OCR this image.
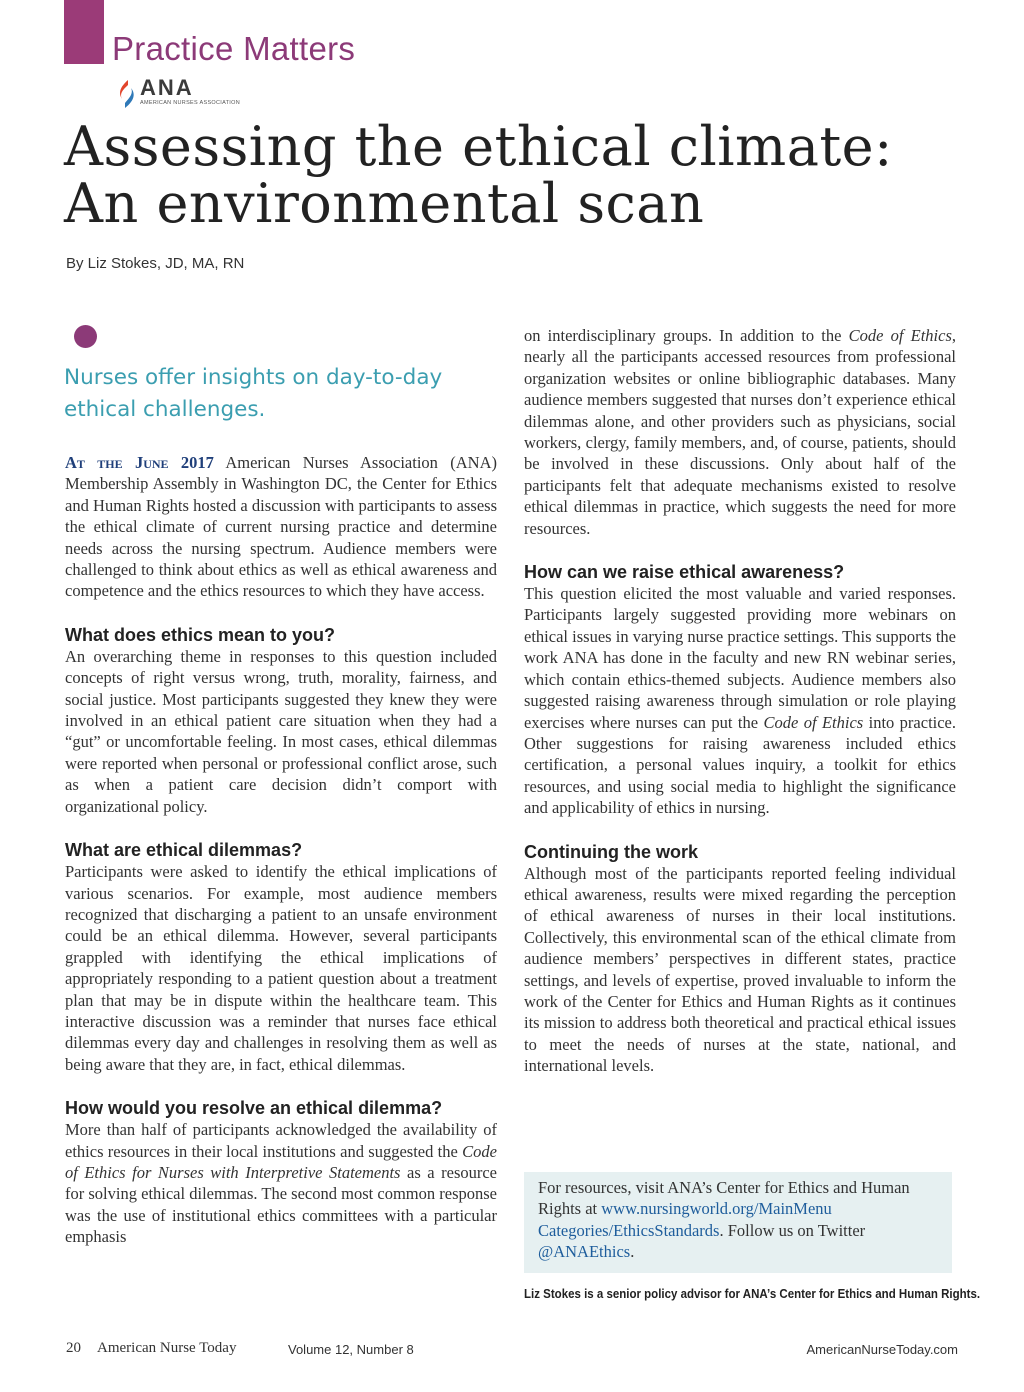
Practice Matters
ANA
AMERICAN NURSES ASSOCIATION
Assessing the ethical climate:
An environmental scan
By Liz Stokes, JD, MA, RN
Nurses offer insights on day-to-day ethical challenges.

At the June 2017 American Nurses Association (ANA) Membership Assembly in Washington DC, the Center for Ethics and Human Rights hosted a discussion with participants to assess the ethical climate of current nursing practice and determine needs across the nursing spectrum. Audience members were challenged to think about ethics as well as ethical awareness and competence and the ethics resources to which they have access.

What does ethics mean to you?

An overarching theme in responses to this question included concepts of right versus wrong, truth, morality, fairness, and social justice. Most participants suggested they knew they were involved in an ethical patient care situation when they had a “gut” or uncomfortable feeling. In most cases, ethical dilemmas were reported when personal or professional conflict arose, such as when a patient care decision didn’t comport with organizational policy.

What are ethical dilemmas?

Participants were asked to identify the ethical implications of various scenarios. For example, most audience members recognized that discharging a patient to an unsafe environment could be an ethical dilemma. However, several participants grappled with identifying the ethical implications of appropriately responding to a patient question about a treatment plan that may be in dispute within the healthcare team. This interactive discussion was a reminder that nurses face ethical dilemmas every day and challenges in resolving them as well as being aware that they are, in fact, ethical dilemmas.

How would you resolve an ethical dilemma?

More than half of participants acknowledged the availability of ethics resources in their local institutions and suggested the Code of Ethics for Nurses with Interpretive Statements as a resource for solving ethical dilemmas. The second most common response was the use of institutional ethics committees with a particular emphasis

on interdisciplinary groups. In addition to the Code of Ethics, nearly all the participants accessed resources from professional organization websites or online bibliographic databases. Many audience members suggested that nurses don’t experience ethical dilemmas alone, and other providers such as physicians, social workers, clergy, family members, and, of course, patients, should be involved in these discussions. Only about half of the participants felt that adequate mechanisms existed to resolve ethical dilemmas in practice, which suggests the need for more resources.

How can we raise ethical awareness?

This question elicited the most valuable and varied responses. Participants largely suggested providing more webinars on ethical issues in varying nurse practice settings. This supports the work ANA has done in the faculty and new RN webinar series, which contain ethics-themed subjects. Audience members also suggested raising awareness through simulation or role playing exercises where nurses can put the Code of Ethics into practice. Other suggestions for raising awareness included ethics certification, a personal values inquiry, a toolkit for ethics resources, and using social media to highlight the significance and applicability of ethics in nursing.

Continuing the work

Although most of the participants reported feeling individual ethical awareness, results were mixed regarding the perception of ethical awareness of nurses in their local institutions. Collectively, this environmental scan of the ethical climate from audience members’ perspectives in different states, practice settings, and levels of expertise, proved invaluable to inform the work of the Center for Ethics and Human Rights as it continues its mission to address both theoretical and practical ethical issues to meet the needs of nurses at the state, national, and international levels.

For resources, visit ANA’s Center for Ethics and Human Rights at www.nursingworld.org/MainMenu Categories/EthicsStandards. Follow us on Twitter @ANAEthics.
Liz Stokes is a senior policy advisor for ANA’s Center for Ethics and Human Rights.
20 American Nurse Today	Volume 12, Number 8	AmericanNurseToday.com
